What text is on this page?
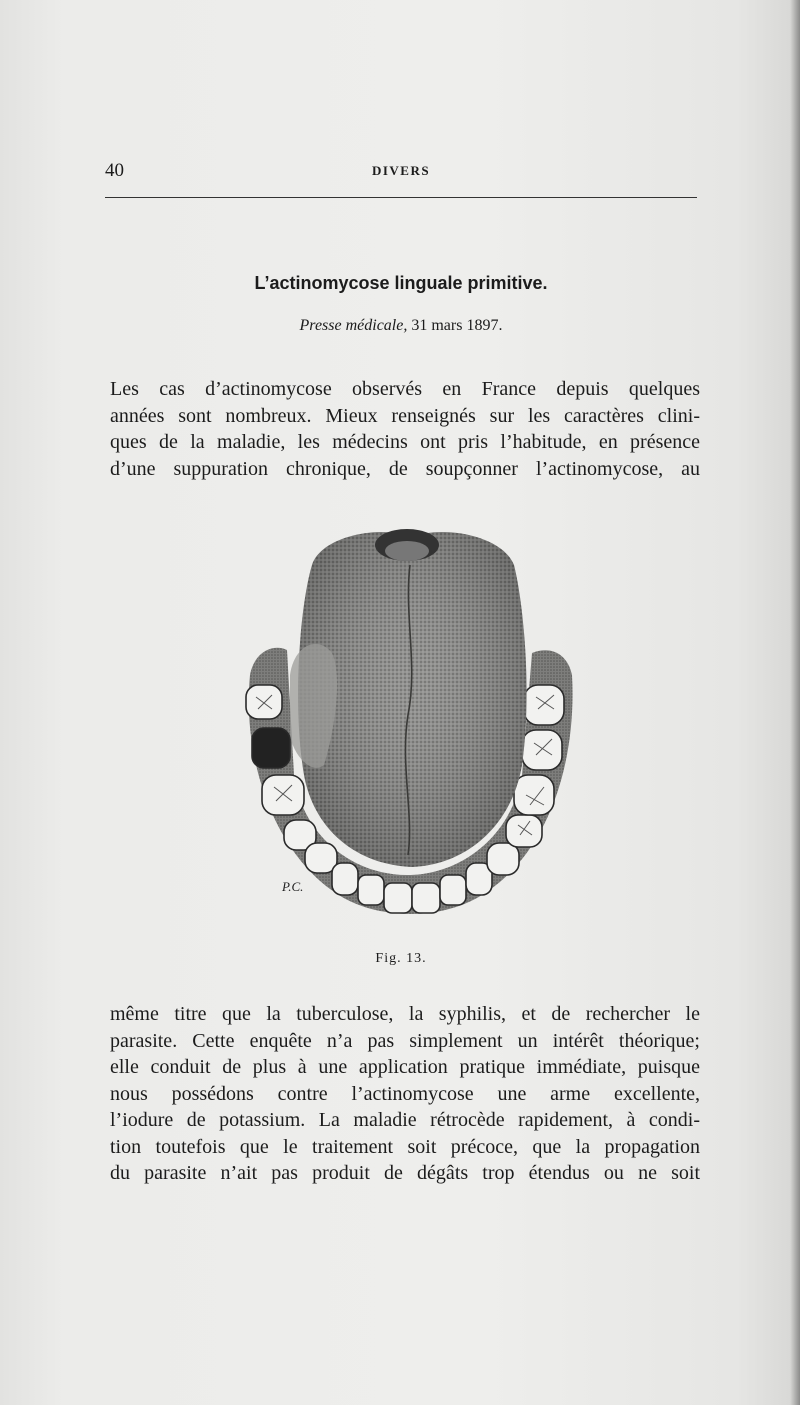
40	DIVERS
L’actinomycose linguale primitive.
Presse médicale, 31 mars 1897.
Les cas d’actinomycose observés en France depuis quelques
années sont nombreux. Mieux renseignés sur les caractères clini-
ques de la maladie, les médecins ont pris l’habitude, en présence
d’une suppuration chronique, de soupçonner l’actinomycose, au
P.C.
Fig. 13.
même titre que la tuberculose, la syphilis, et de rechercher le
parasite. Cette enquête n’a pas simplement un intérêt théorique;
elle conduit de plus à une application pratique immédiate, puisque
nous possédons contre l’actinomycose une arme excellente,
l’iodure de potassium. La maladie rétrocède rapidement, à condi-
tion toutefois que le traitement soit précoce, que la propagation
du parasite n’ait pas produit de dégâts trop étendus ou ne soit
